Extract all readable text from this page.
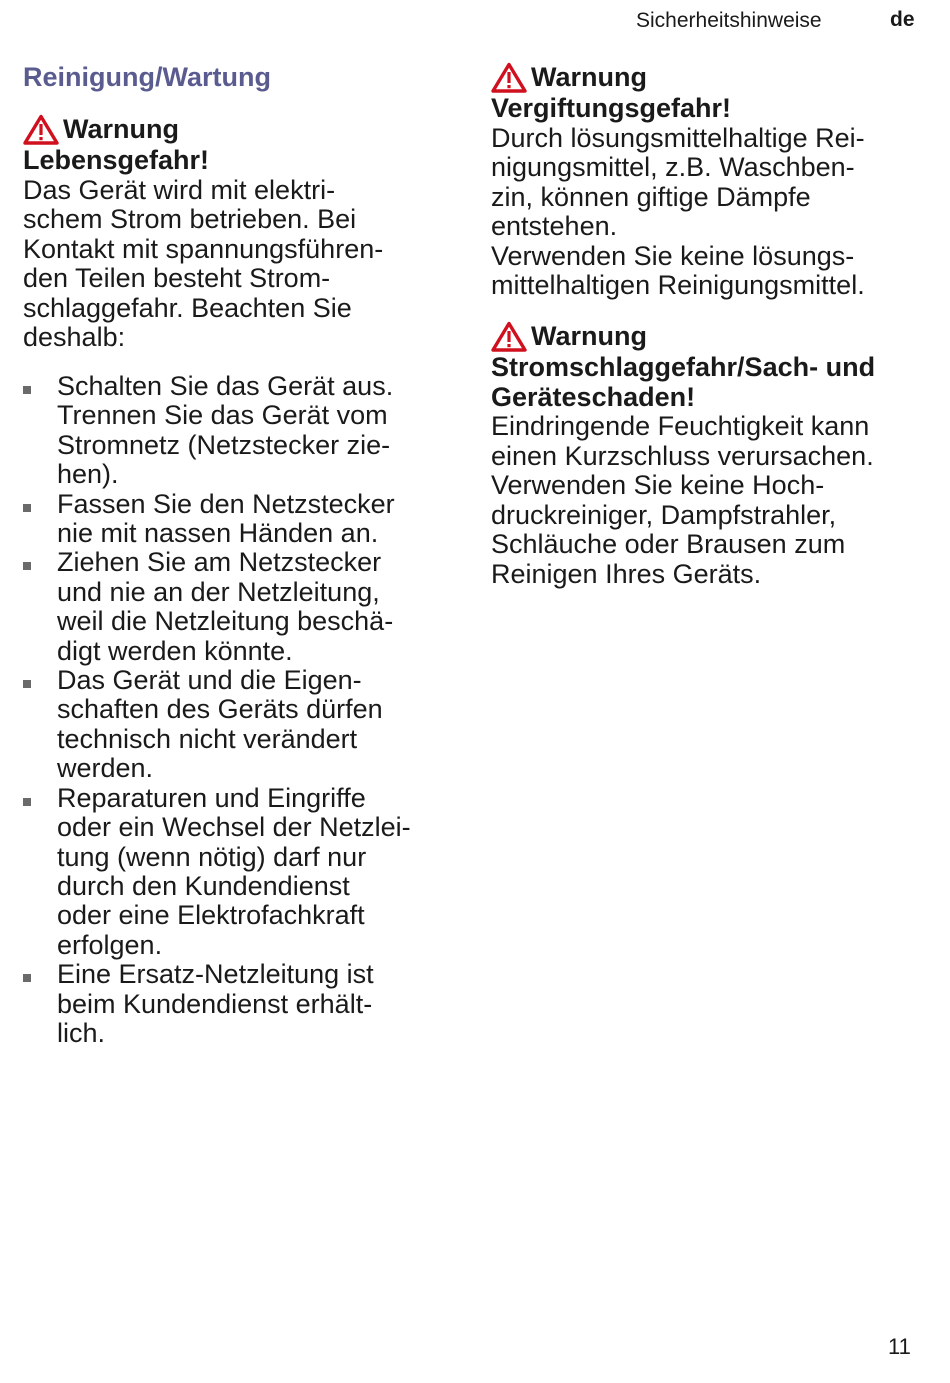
Sicherheitshinweise	de
Reinigung/Wartung
Warnung

Lebensgefahr!

Das Gerät wird mit elektri-
schem Strom betrieben. Bei
Kontakt mit spannungsführen-
den Teilen besteht Strom-
schlaggefahr. Beachten Sie
deshalb:

Schalten Sie das Gerät aus.
Trennen Sie das Gerät vom
Stromnetz (Netzstecker zie-
hen).
Fassen Sie den Netzstecker
nie mit nassen Händen an.
Ziehen Sie am Netzstecker
und nie an der Netzleitung,
weil die Netzleitung beschä-
digt werden könnte.
Das Gerät und die Eigen-
schaften des Geräts dürfen
technisch nicht verändert
werden.
Reparaturen und Eingriffe
oder ein Wechsel der Netzlei-
tung (wenn nötig) darf nur
durch den Kundendienst
oder eine Elektrofachkraft
erfolgen.
Eine Ersatz-Netzleitung ist
beim Kundendienst erhält-
lich.
Warnung

Vergiftungsgefahr!

Durch lösungsmittelhaltige Rei-
nigungsmittel, z.B. Waschben-
zin, können giftige Dämpfe
entstehen.
Verwenden Sie keine lösungs-
mittelhaltigen Reinigungsmittel.

Warnung

Stromschlaggefahr/Sach- und
Geräteschaden!

Eindringende Feuchtigkeit kann
einen Kurzschluss verursachen.
Verwenden Sie keine Hoch-
druckreiniger, Dampfstrahler,
Schläuche oder Brausen zum
Reinigen Ihres Geräts.

11
